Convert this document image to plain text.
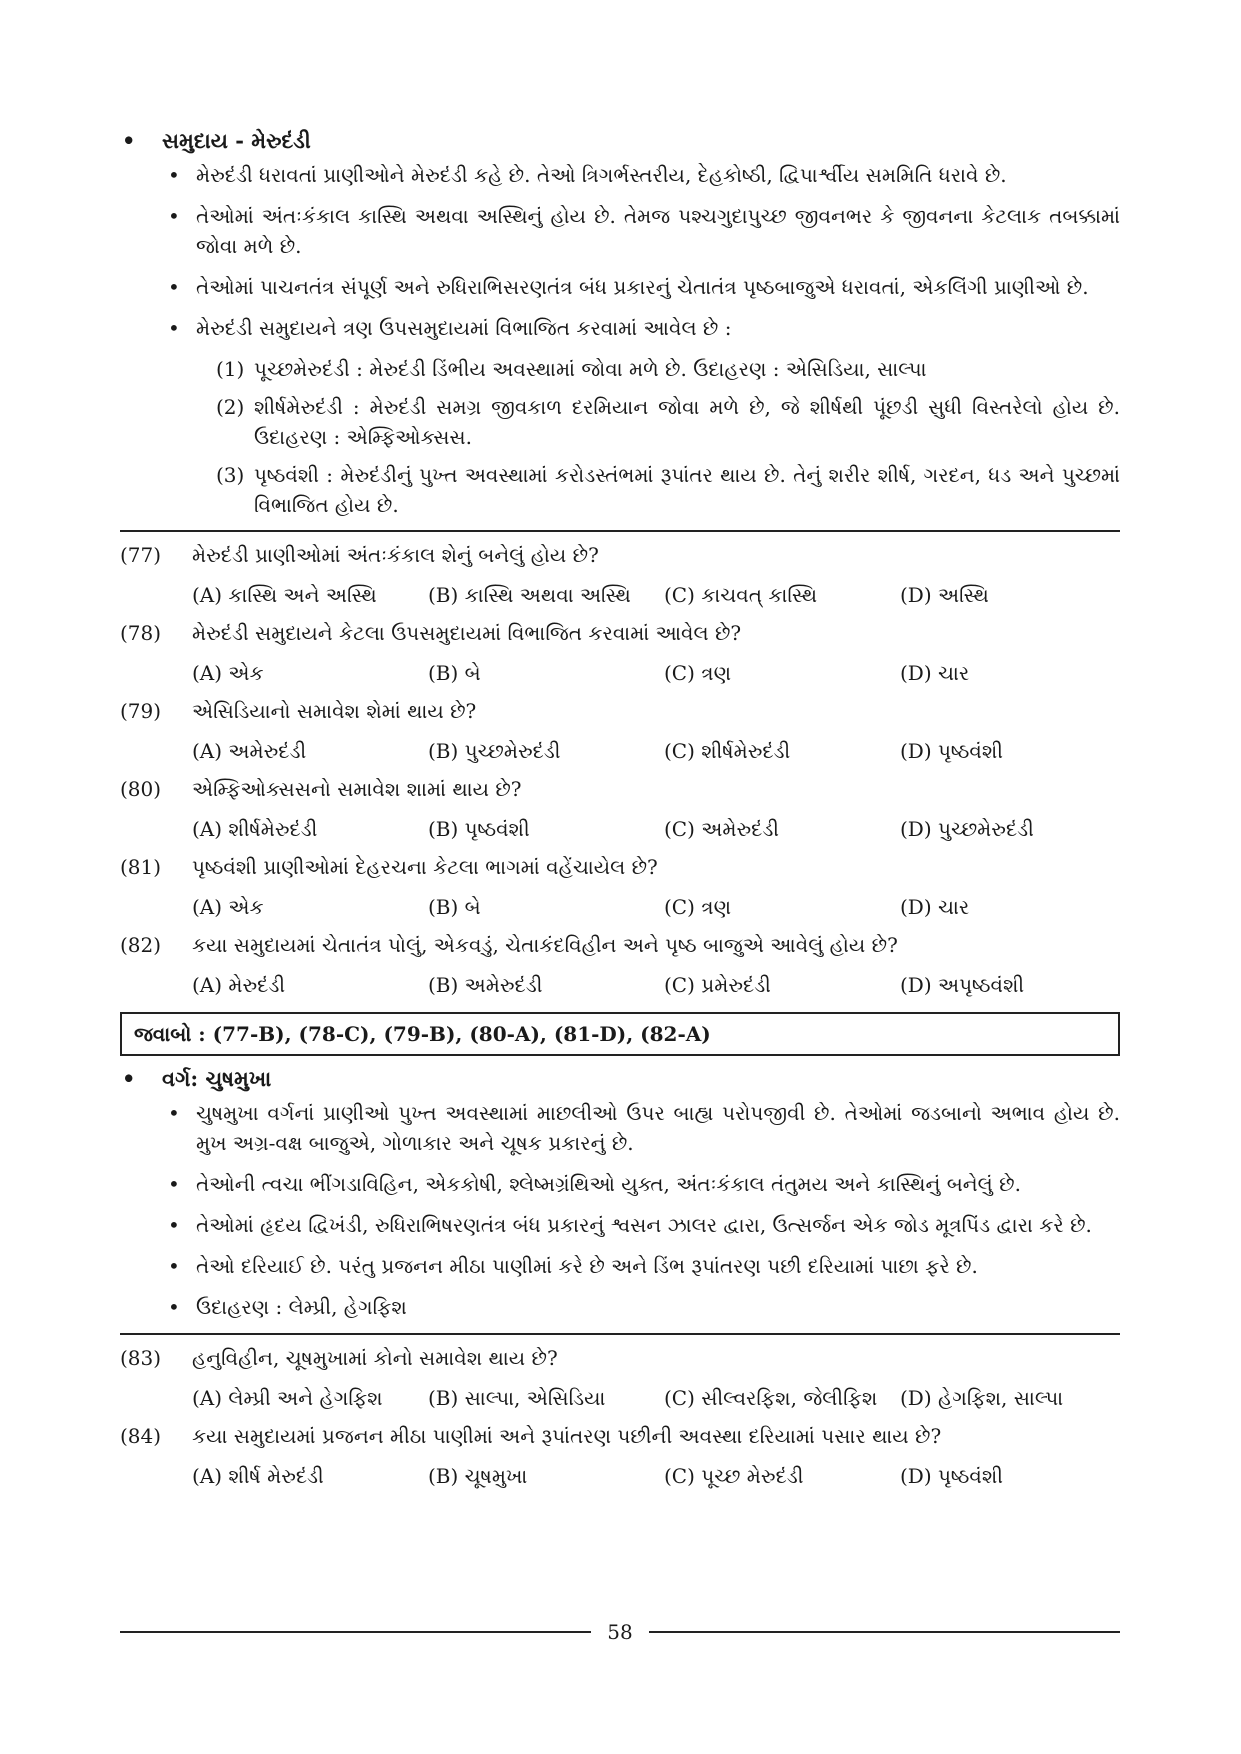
•	સમુદાય - મેરુદંડી
• મેરુદંડી ધરાવતાં પ્રાણીઓને મેરુદંડી કહે છે. તેઓ ત્રિગર્ભસ્તરીય, દેહકોષ્ઠી, દ્વિપાર્શ્વીય સમમિતિ ધરાવે છે.
• તેઓમાં અંતઃકંકાલ કાસ્થિ અથવા અસ્થિનું હોય છે. તેમજ પશ્ચગુદાપુચ્છ જીવનભર કે જીવનના કેટલાક તબક્કામાં જોવા મળે છે.
• તેઓમાં પાચનતંત્ર સંપૂર્ણ અને રુધિરાભિસરણતંત્ર બંધ પ્રકારનું ચેતાતંત્ર પૃષ્ઠબાજુએ ધરાવતાં, એકલિંગી પ્રાણીઓ છે.
• મેરુદંડી સમુદાયને ત્રણ ઉપસમુદાયમાં વિભાજિત કરવામાં આવેલ છે :
(1) પૂચ્છમેરુદંડી : મેરુદંડી ડિંભીય અવસ્થામાં જોવા મળે છે. ઉદાહરણ : એસિડિયા, સાલ્પા
(2) શીર્ષમેરુદંડી : મેરુદંડી સમગ્ર જીવકાળ દરમિયાન જોવા મળે છે, જે શીર્ષથી પૂંછડી સુધી વિસ્તરેલો હોય છે. ઉદાહરણ : એમ્ફિઓક્સસ.
(3) પૃષ્ઠવંશી : મેરુદંડીનું પુખ્ત અવસ્થામાં કરોડસ્તંભમાં રૂપાંતર થાય છે. તેનું શરીર શીર્ષ, ગરદન, ધડ અને પુચ્છમાં વિભાજિત હોય છે.
(77)	મેરુદંડી પ્રાણીઓમાં અંતઃકંકાલ શેનું બનેલું હોય છે?
(A) કાસ્થિ અને અસ્થિ	(B) કાસ્થિ અથવા અસ્થિ	(C) કાચવત્ કાસ્થિ	(D) અસ્થિ
(78)	મેરુદંડી સમુદાયને કેટલા ઉપસમુદાયમાં વિભાજિત કરવામાં આવેલ છે?
(A) એક	(B) બે	(C) ત્રણ	(D) ચાર
(79)	એસિડિયાનો સમાવેશ શેમાં થાય છે?
(A) અમેરુદંડી	(B) પુચ્છમેરુદંડી	(C) શીર્ષમેરુદંડી	(D) પૃષ્ઠવંશી
(80)	એમ્ફિઓક્સસનો સમાવેશ શામાં થાય છે?
(A) શીર્ષમેરુદંડી	(B) પૃષ્ઠવંશી	(C) અમેરુદંડી	(D) પુચ્છમેરુદંડી
(81)	પૃષ્ઠવંશી પ્રાણીઓમાં દેહરચના કેટલા ભાગમાં વહેંચાયેલ છે?
(A) એક	(B) બે	(C) ત્રણ	(D) ચાર
(82)	કયા સમુદાયમાં ચેતાતંત્ર પોલું, એકવડું, ચેતાકંદવિહીન અને પૃષ્ઠ બાજુએ આવેલું હોય છે?
(A) મેરુદંડી	(B) અમેરુદંડી	(C) પ્રમેરુદંડી	(D) અપૃષ્ઠવંશી
જવાબો : (77-B), (78-C), (79-B), (80-A), (81-D), (82-A)
•	વર્ગ: ચુષમુખા
• ચુષમુખા વર્ગનાં પ્રાણીઓ પુખ્ત અવસ્થામાં માછલીઓ ઉપર બાહ્ય પરોપજીવી છે. તેઓમાં જડબાનો અભાવ હોય છે. મુખ અગ્ર-વક્ષ બાજુએ, ગોળાકાર અને ચૂષક પ્રકારનું છે.
• તેઓની ત્વચા ભીંગડાવિહિન, એકકોષી, શ્લેષ્મગ્રંથિઓ યુક્ત, અંતઃકંકાલ તંતુમય અને કાસ્થિનું બનેલું છે.
• તેઓમાં હૃદય દ્વિખંડી, રુધિરાભિષરણતંત્ર બંધ પ્રકારનું શ્વસન ઝાલર દ્વારા, ઉત્સર્જન એક જોડ મૂત્રપિંડ દ્વારા કરે છે.
• તેઓ દરિયાઈ છે. પરંતુ પ્રજનન મીઠા પાણીમાં કરે છે અને ડિંભ રૂપાંતરણ પછી દરિયામાં પાછા ફરે છે.
• ઉદાહરણ : લેમ્પ્રી, હેગફિશ
(83)	હનુવિહીન, ચૂષમુખામાં કોનો સમાવેશ થાય છે?
(A) લેમ્પ્રી અને હેગફિશ	(B) સાલ્પા, એસિડિયા	(C) સીલ્વરફિશ, જેલીફિશ	(D) હેગફિશ, સાલ્પા
(84)	કયા સમુદાયમાં પ્રજનન મીઠા પાણીમાં અને રૂપાંતરણ પછીની અવસ્થા દરિયામાં પસાર થાય છે?
(A) શીર્ષ મેરુદંડી	(B) ચૂષમુખા	(C) પૂચ્છ મેરુદંડી	(D) પૃષ્ઠવંશી
58
